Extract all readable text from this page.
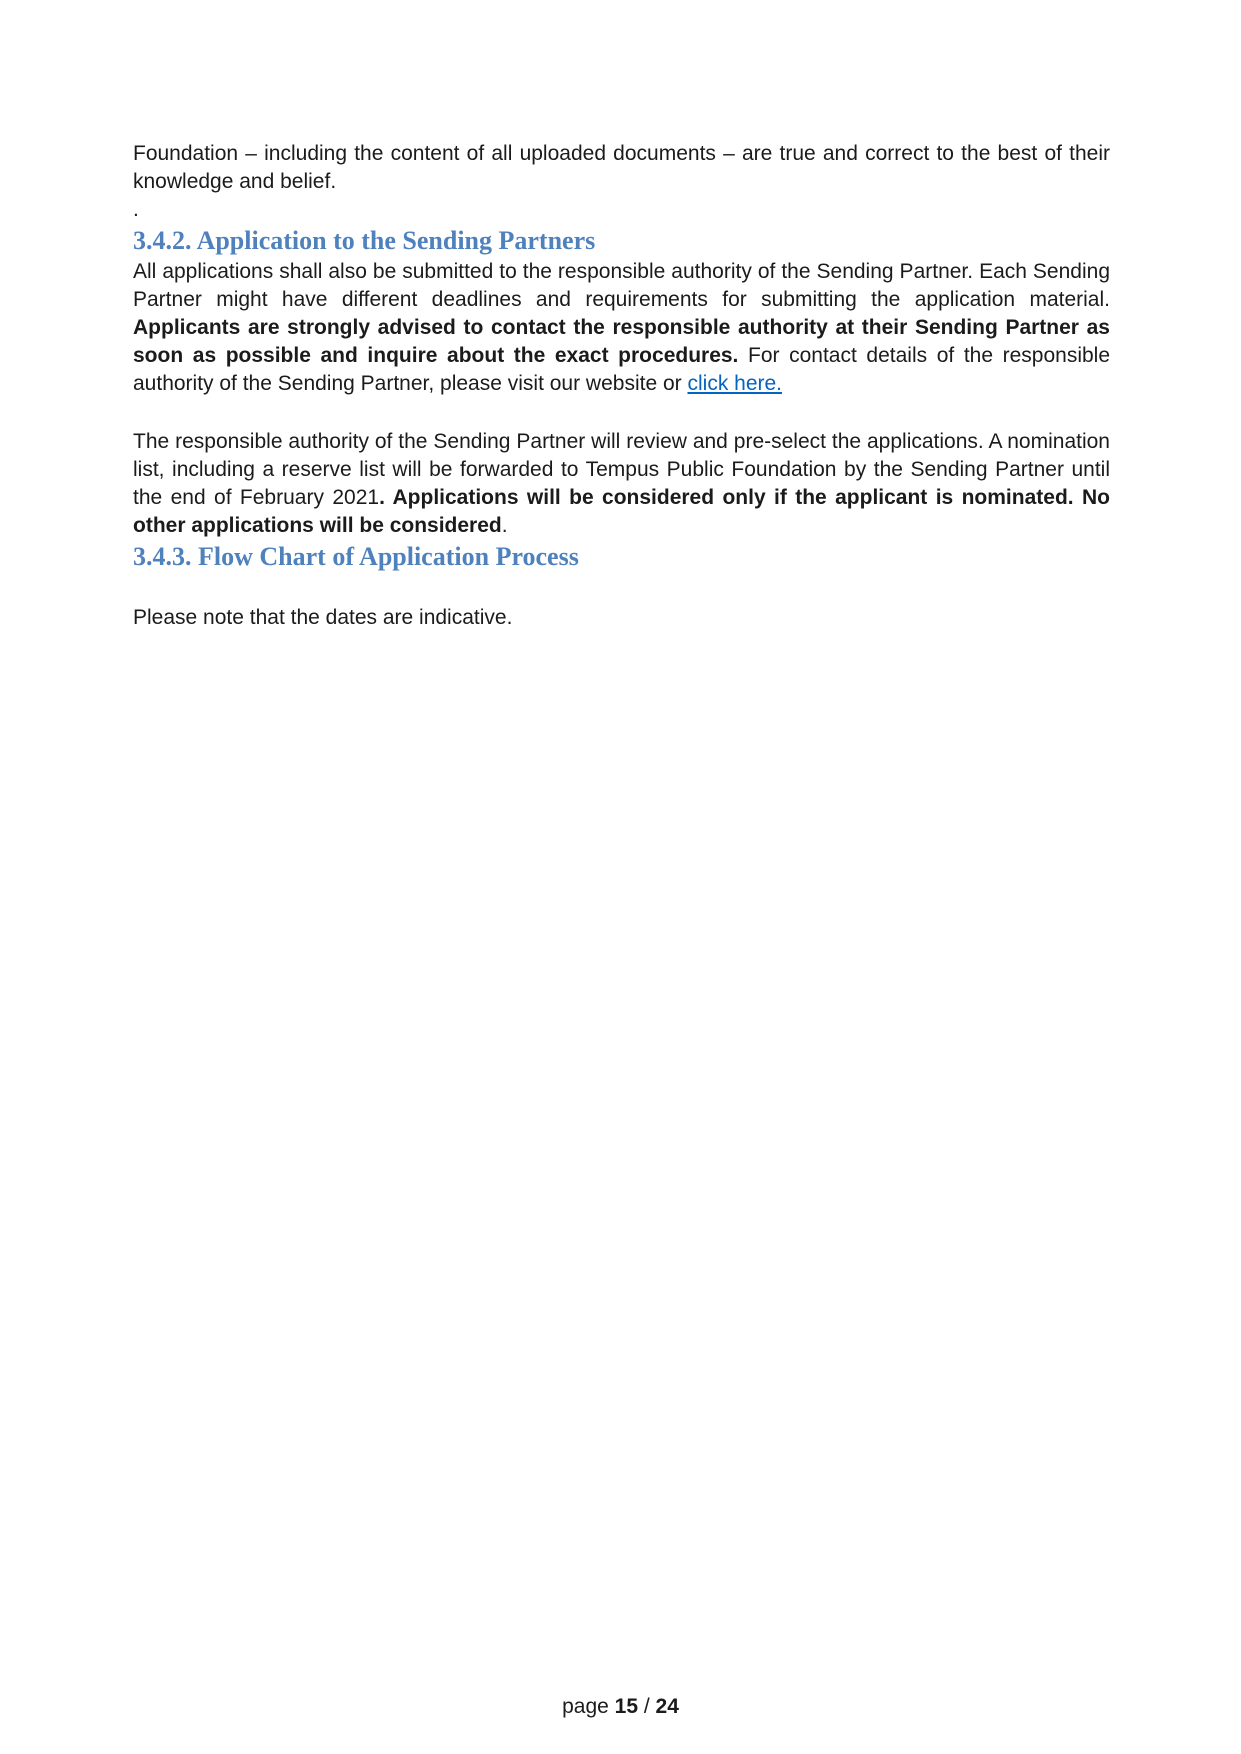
Foundation – including the content of all uploaded documents – are true and correct to the best of their knowledge and belief.

.

3.4.2. Application to the Sending Partners

All applications shall also be submitted to the responsible authority of the Sending Partner. Each Sending Partner might have different deadlines and requirements for submitting the application material. Applicants are strongly advised to contact the responsible authority at their Sending Partner as soon as possible and inquire about the exact procedures. For contact details of the responsible authority of the Sending Partner, please visit our website or click here.

The responsible authority of the Sending Partner will review and pre-select the applications. A nomination list, including a reserve list will be forwarded to Tempus Public Foundation by the Sending Partner until the end of February 2021. Applications will be considered only if the applicant is nominated. No other applications will be considered.

3.4.3. Flow Chart of Application Process

Please note that the dates are indicative.

page 15 / 24
